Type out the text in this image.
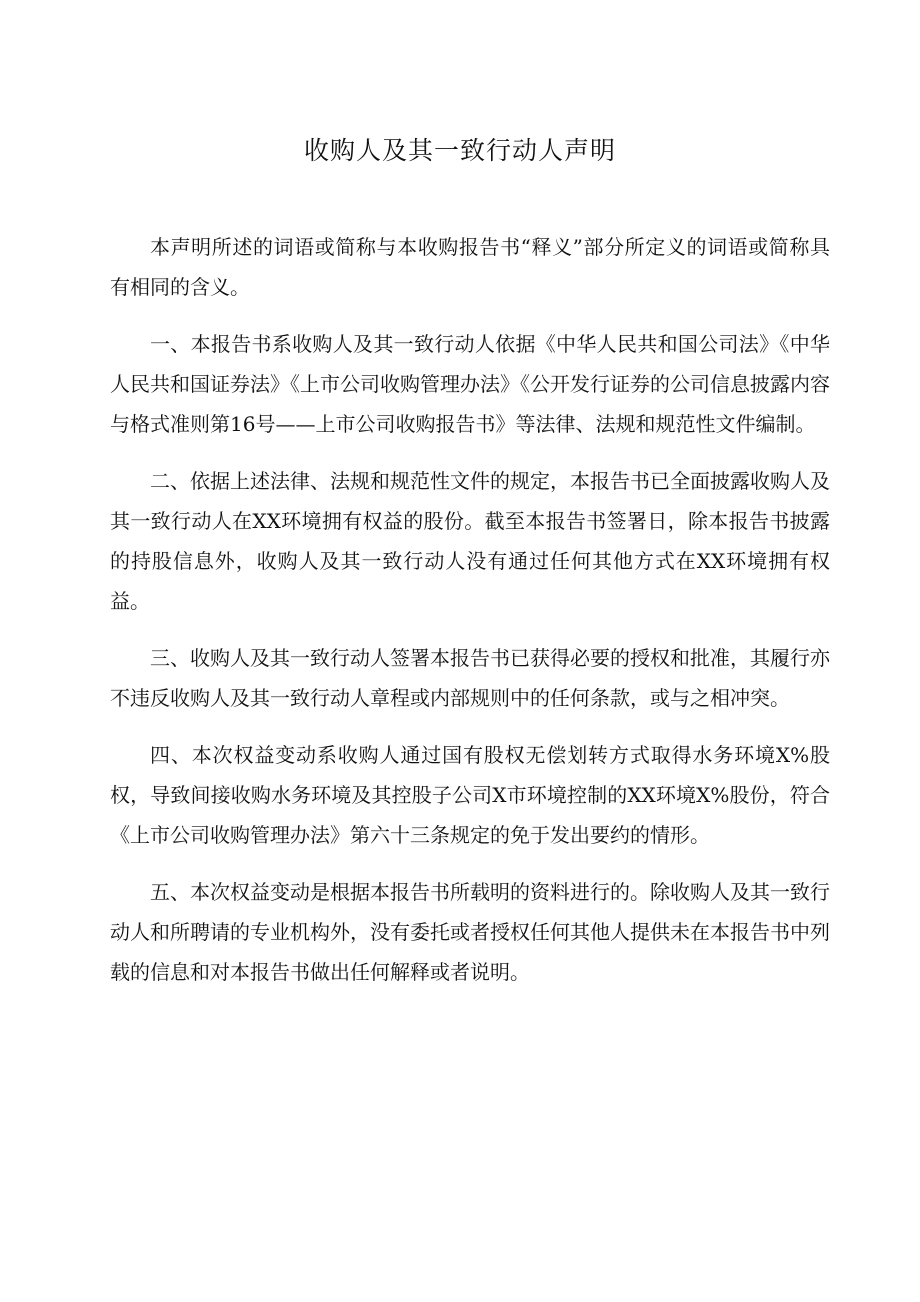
收购人及其一致行动人声明

本声明所述的词语或简称与本收购报告书“释义”部分所定义的词语或简称具有相同的含义。

一、本报告书系收购人及其一致行动人依据《中华人民共和国公司法》《中华人民共和国证券法》《上市公司收购管理办法》《公开发行证券的公司信息披露内容与格式准则第16号——上市公司收购报告书》等法律、法规和规范性文件编制。

二、依据上述法律、法规和规范性文件的规定，本报告书已全面披露收购人及其一致行动人在XX环境拥有权益的股份。截至本报告书签署日，除本报告书披露的持股信息外，收购人及其一致行动人没有通过任何其他方式在XX环境拥有权益。

三、收购人及其一致行动人签署本报告书已获得必要的授权和批准，其履行亦不违反收购人及其一致行动人章程或内部规则中的任何条款，或与之相冲突。

四、本次权益变动系收购人通过国有股权无偿划转方式取得水务环境X%股权，导致间接收购水务环境及其控股子公司X市环境控制的XX环境X%股份，符合《上市公司收购管理办法》第六十三条规定的免于发出要约的情形。

五、本次权益变动是根据本报告书所载明的资料进行的。除收购人及其一致行动人和所聘请的专业机构外，没有委托或者授权任何其他人提供未在本报告书中列载的信息和对本报告书做出任何解释或者说明。
